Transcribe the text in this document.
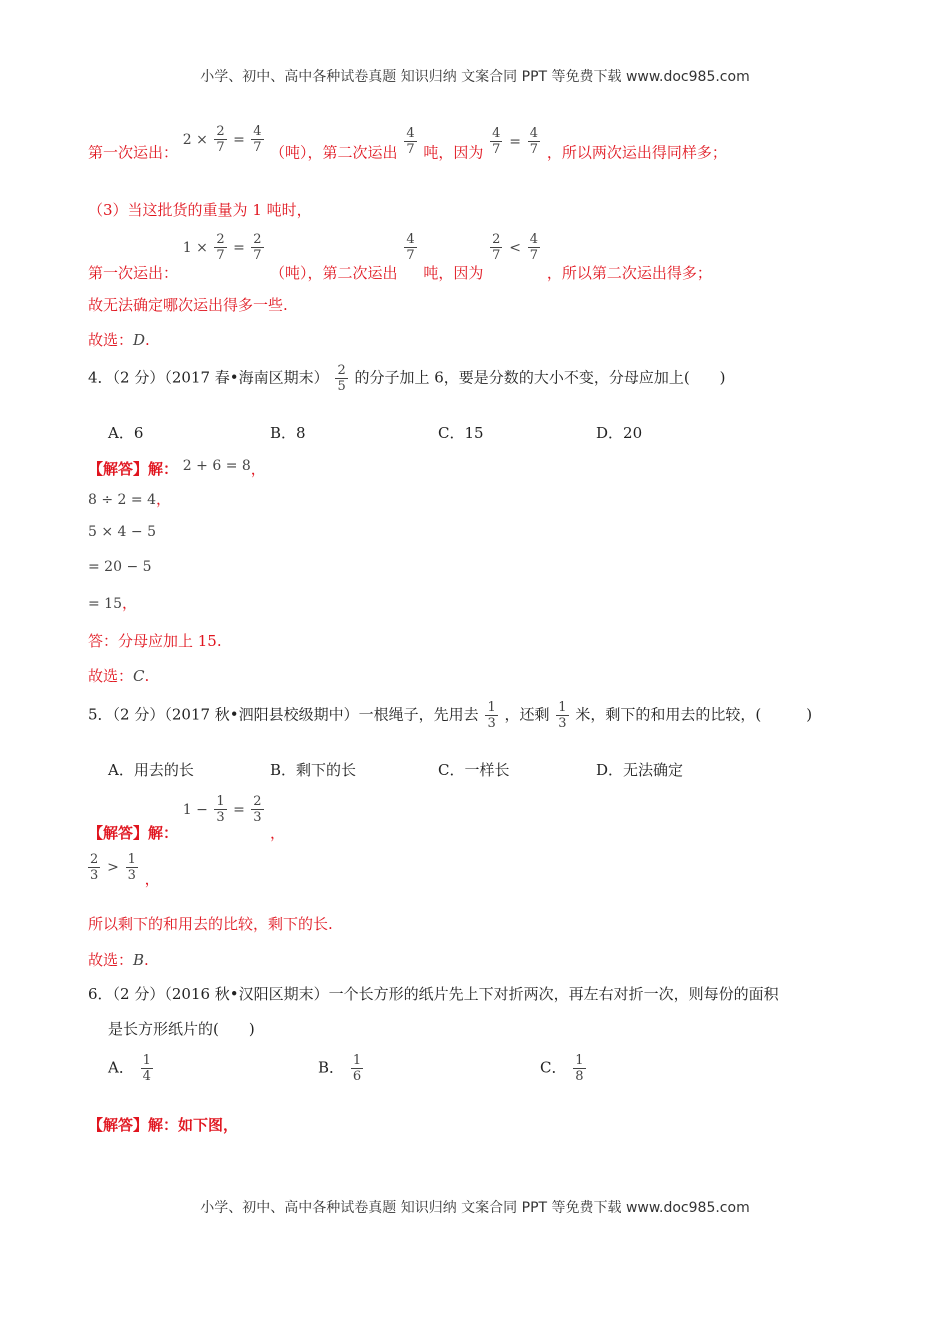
小学、初中、高中各种试卷真题 知识归纳 文案合同 PPT 等免费下载 www.doc985.com
第一次运出： $2 \times \frac{2}{7} = \frac{4}{7}$ （吨），第二次运出 $\frac{4}{7}$ 吨，因为 $\frac{4}{7} = \frac{4}{7}$ ，所以两次运出得同样多；
（3）当这批货的重量为 1 吨时，
第一次运出： $1 \times \frac{2}{7} = \frac{2}{7}$
（吨），第二次运出
$\frac{4}{7}$
吨，因为
$\frac{2}{7} < \frac{4}{7}$
，所以第二次运出得多；
故无法确定哪次运出得多一些.
故选：D.
4．（2 分）（2017 春•海南区期末） $\frac{2}{5}$ 的分子加上 6，要是分数的大小不变，分母应加上(　　)
A．6	B．8	C．15	D．20
【解答】解： 2 + 6 = 8，
8 ÷ 2 = 4，
5 × 4 − 5
= 20 − 5
= 15，
答：分母应加上 15.
故选：C.
5．（2 分）（2017 秋•泗阳县校级期中）一根绳子，先用去 $\frac{1}{3}$ ，还剩 $\frac{1}{3}$ 米，剩下的和用去的比较，(　　　)
A．用去的长	B．剩下的长	C．一样长	D．无法确定
【解答】解： $1 - \frac{1}{3} = \frac{2}{3}$
，
$\frac{2}{3} > \frac{1}{3}$ ，
所以剩下的和用去的比较，剩下的长.
故选：B.
6．（2 分）（2016 秋•汉阳区期末）一个长方形的纸片先上下对折两次，再左右对折一次，则每份的面积
是长方形纸片的(　　)
A． $\frac{1}{4}$	B． $\frac{1}{6}$	C． $\frac{1}{8}$
【解答】解：如下图，
小学、初中、高中各种试卷真题 知识归纳 文案合同 PPT 等免费下载 www.doc985.com
